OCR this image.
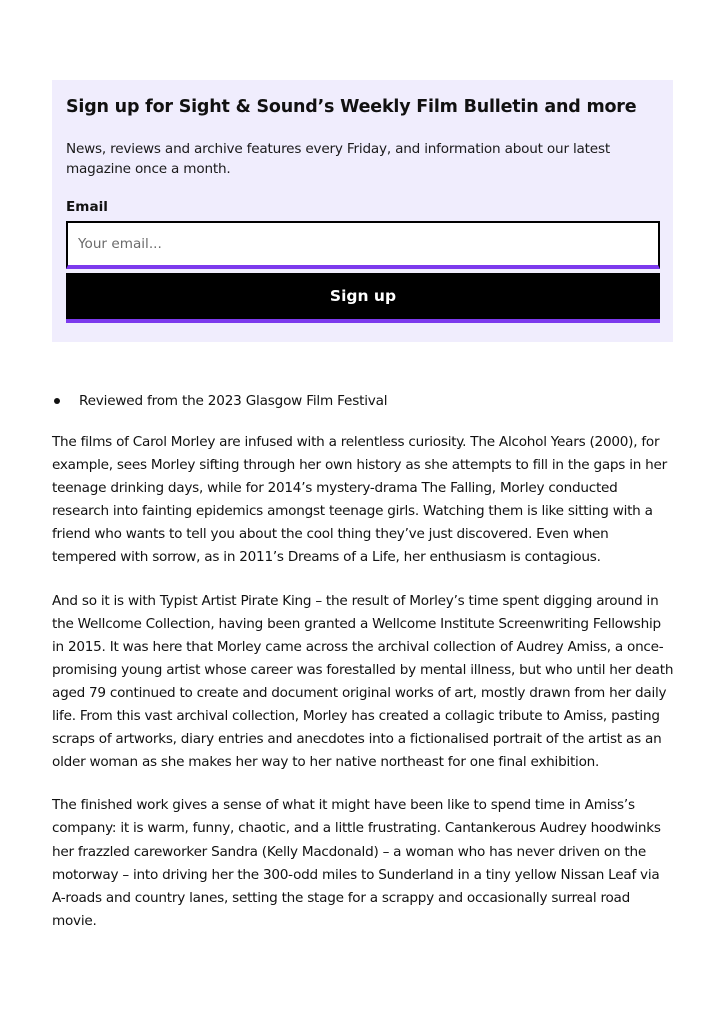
Sign up for Sight & Sound’s Weekly Film Bulletin and more

News, reviews and archive features every Friday, and information about our latest magazine once a month.

Email
Your email...
Sign up
Reviewed from the 2023 Glasgow Film Festival

The films of Carol Morley are infused with a relentless curiosity. The Alcohol Years (2000), for example, sees Morley sifting through her own history as she attempts to fill in the gaps in her teenage drinking days, while for 2014’s mystery-drama The Falling, Morley conducted research into fainting epidemics amongst teenage girls. Watching them is like sitting with a friend who wants to tell you about the cool thing they’ve just discovered. Even when tempered with sorrow, as in 2011’s Dreams of a Life, her enthusiasm is contagious.

And so it is with Typist Artist Pirate King – the result of Morley’s time spent digging around in the Wellcome Collection, having been granted a Wellcome Institute Screenwriting Fellowship in 2015. It was here that Morley came across the archival collection of Audrey Amiss, a once-promising young artist whose career was forestalled by mental illness, but who until her death aged 79 continued to create and document original works of art, mostly drawn from her daily life. From this vast archival collection, Morley has created a collagic tribute to Amiss, pasting scraps of artworks, diary entries and anecdotes into a fictionalised portrait of the artist as an older woman as she makes her way to her native northeast for one final exhibition.

The finished work gives a sense of what it might have been like to spend time in Amiss’s company: it is warm, funny, chaotic, and a little frustrating. Cantankerous Audrey hoodwinks her frazzled careworker Sandra (Kelly Macdonald) – a woman who has never driven on the motorway – into driving her the 300-odd miles to Sunderland in a tiny yellow Nissan Leaf via A-roads and country lanes, setting the stage for a scrappy and occasionally surreal road movie.
